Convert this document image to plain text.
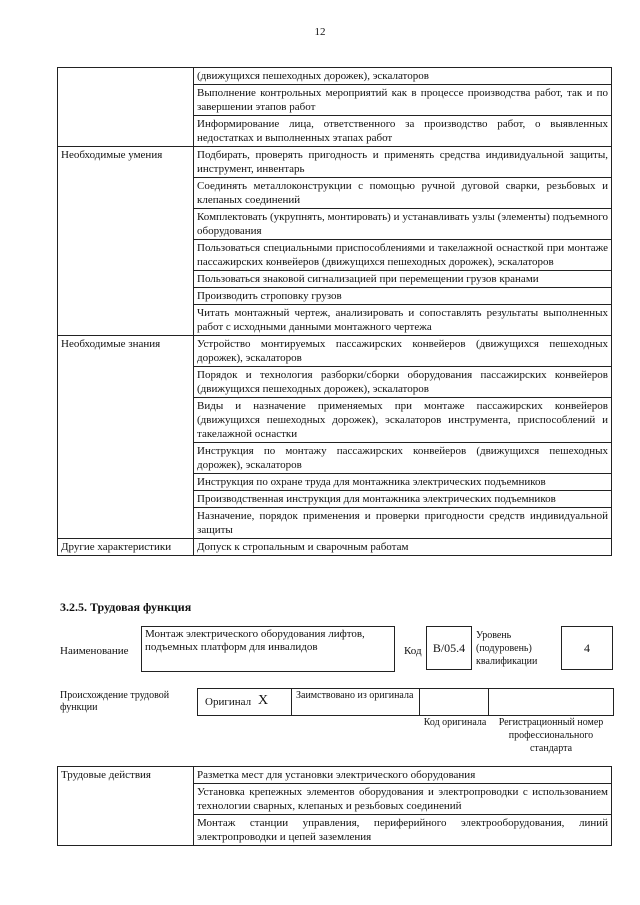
12
	(движущихся пешеходных дорожек), эскалаторов
	Выполнение контрольных мероприятий как в процессе производства работ, так и по завершении этапов работ
	Информирование лица, ответственного за производство работ, о выявленных недостатках и выполненных этапах работ
Необходимые умения	Подбирать, проверять пригодность и применять средства индивидуальной защиты, инструмент, инвентарь
	Соединять металлоконструкции с помощью ручной дуговой сварки, резьбовых и клепаных соединений
	Комплектовать (укрупнять, монтировать) и устанавливать узлы (элементы) подъемного оборудования
	Пользоваться специальными приспособлениями и такелажной оснасткой при монтаже пассажирских конвейеров (движущихся пешеходных дорожек), эскалаторов
	Пользоваться знаковой сигнализацией при перемещении грузов кранами
	Производить строповку грузов
	Читать монтажный чертеж, анализировать и сопоставлять результаты выполненных работ с исходными данными монтажного чертежа
Необходимые знания	Устройство монтируемых пассажирских конвейеров (движущихся пешеходных дорожек), эскалаторов
	Порядок и технология разборки/сборки оборудования пассажирских конвейеров (движущихся пешеходных дорожек), эскалаторов
	Виды и назначение применяемых при монтаже пассажирских конвейеров (движущихся пешеходных дорожек), эскалаторов инструмента, приспособлений и такелажной оснастки
	Инструкция по монтажу пассажирских конвейеров (движущихся пешеходных дорожек), эскалаторов
	Инструкция по охране труда для монтажника электрических подъемников
	Производственная инструкция для монтажника электрических подъемников
	Назначение, порядок применения и проверки пригодности средств индивидуальной защиты
Другие характеристики	Допуск к стропальным и сварочным работам
3.2.5. Трудовая функция
Наименование
Монтаж электрического оборудования лифтов, подъемных платформ для инвалидов	Код B/05.4
Уровень (подуровень) квалификации
4
Происхождение трудовой функции	Оригинал X	Заимствовано из оригинала
Код оригинала	Регистрационный номер профессионального стандарта
Трудовые действия	Разметка мест для установки электрического оборудования
Установка крепежных элементов оборудования и электропроводки с использованием технологии сварных, клепаных и резьбовых соединений
Монтаж станции управления, периферийного электрооборудования, линий электропроводки и цепей заземления
